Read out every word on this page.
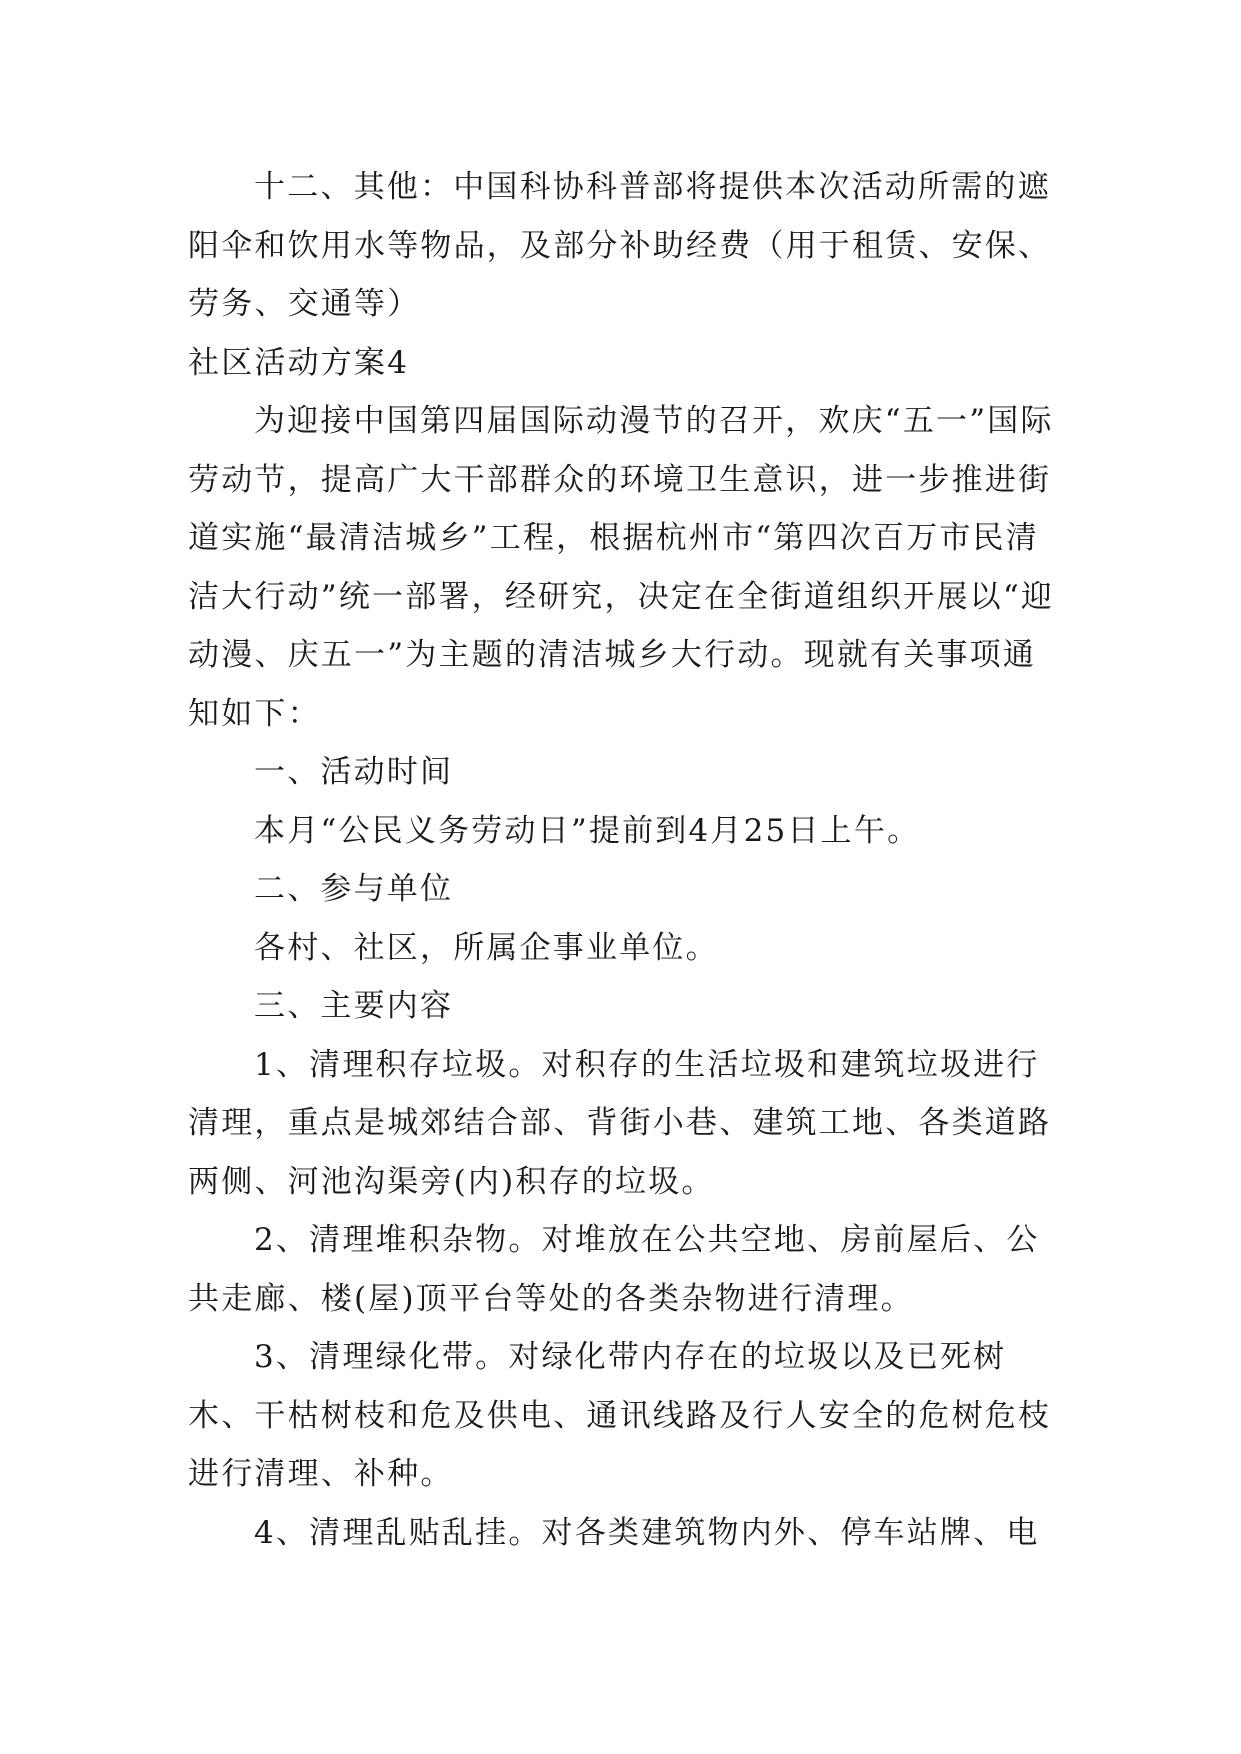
十二、其他：中国科协科普部将提供本次活动所需的遮阳伞和饮用水等物品，及部分补助经费（用于租赁、安保、劳务、交通等）

社区活动方案4

为迎接中国第四届国际动漫节的召开，欢庆“五一”国际劳动节，提高广大干部群众的环境卫生意识，进一步推进街道实施“最清洁城乡”工程，根据杭州市“第四次百万市民清洁大行动”统一部署，经研究，决定在全街道组织开展以“迎动漫、庆五一”为主题的清洁城乡大行动。现就有关事项通知如下：

一、活动时间

本月“公民义务劳动日”提前到4月25日上午。

二、参与单位

各村、社区，所属企事业单位。

三、主要内容

1、清理积存垃圾。对积存的生活垃圾和建筑垃圾进行清理，重点是城郊结合部、背街小巷、建筑工地、各类道路两侧、河池沟渠旁(内)积存的垃圾。

2、清理堆积杂物。对堆放在公共空地、房前屋后、公共走廊、楼(屋)顶平台等处的各类杂物进行清理。

3、清理绿化带。对绿化带内存在的垃圾以及已死树木、干枯树枝和危及供电、通讯线路及行人安全的危树危枝进行清理、补种。

4、清理乱贴乱挂。对各类建筑物内外、停车站牌、电
